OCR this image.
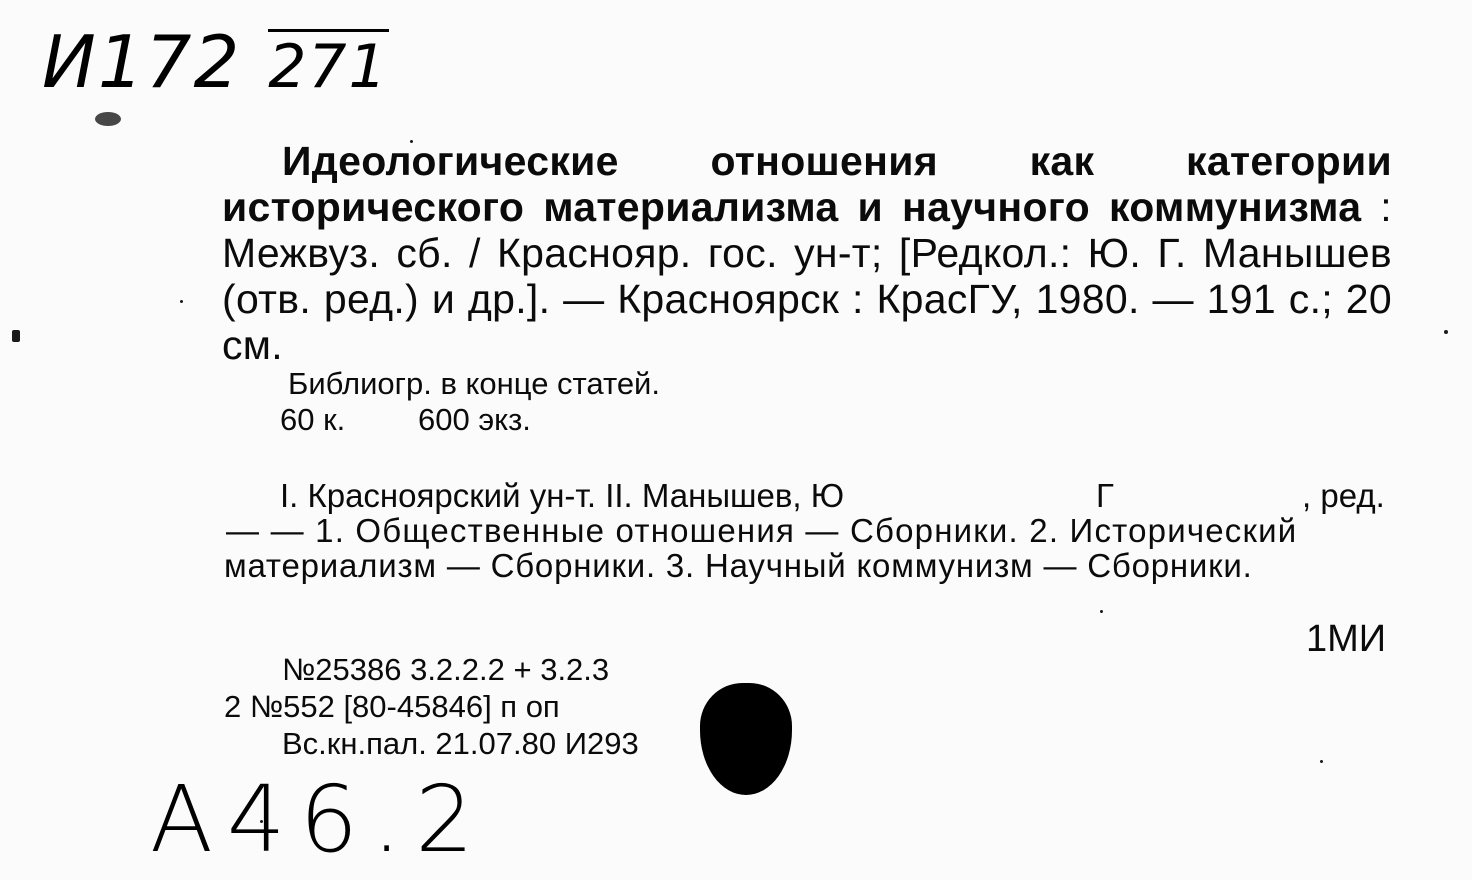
И172 271
Идеологические отношения как категории исторического материализма и научного коммунизма : Межвуз. сб. / Краснояр. гос. ун-т; [Редкол.: Ю. Г. Манышев (отв. ред.) и др.]. — Красноярск : КрасГУ, 1980. — 191 с.; 20 см.
Библиогр. в конце статей.
60 к. 600 экз.
I. Красноярский ун-т. II. Манышев, Ю	Г	, ред.
— — 1. Общественные отношения — Сборники. 2. Исторический
материализм — Сборники. 3. Научный коммунизм — Сборники.
1МИ
№25386 3.2.2.2 + 3.2.3
2 №552 [80-45846] п оп
Вс.кн.пал. 21.07.80 И293
А46.2
